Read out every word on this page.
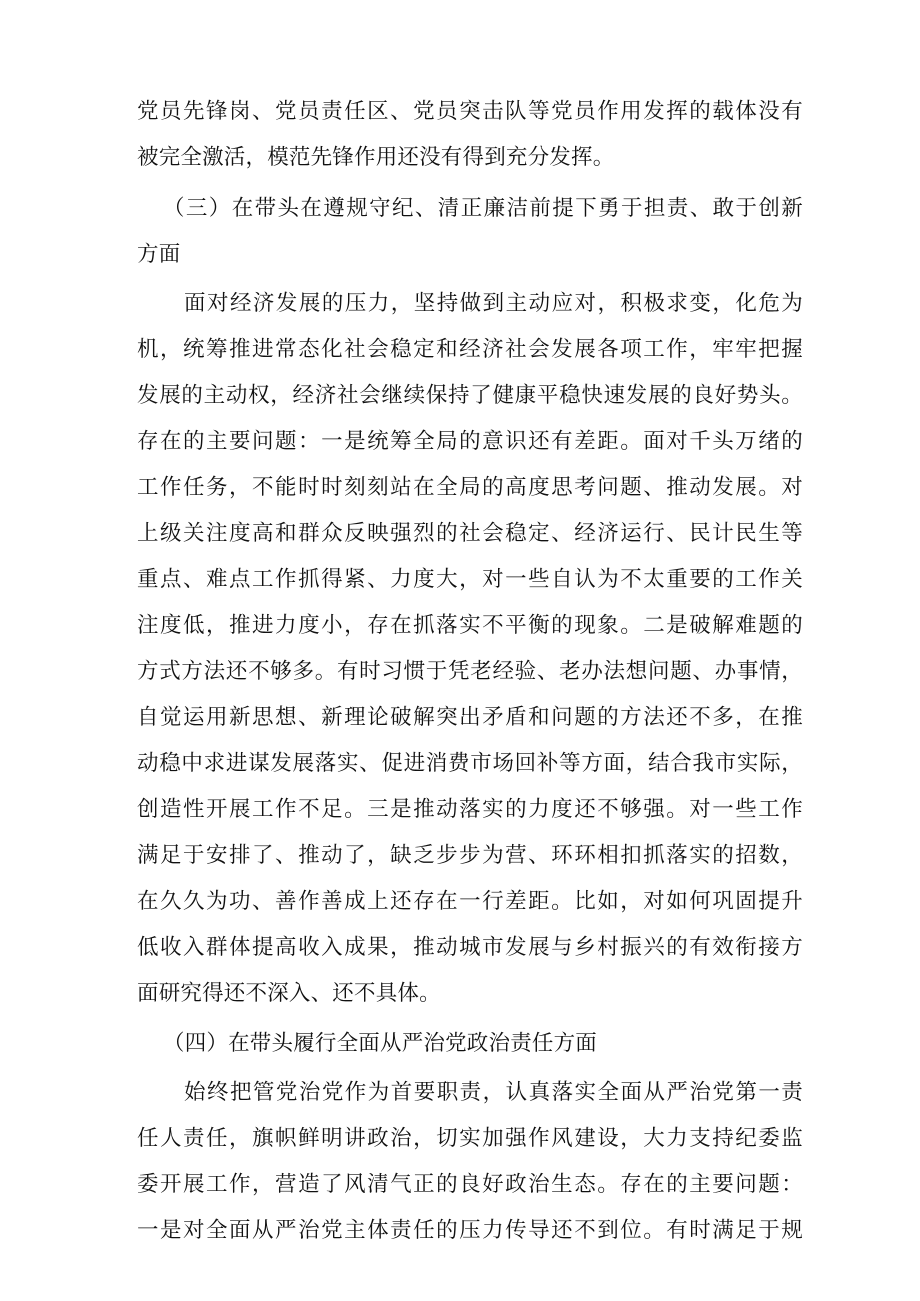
党员先锋岗、党员责任区、党员突击队等党员作用发挥的载体没有
被完全激活，模范先锋作用还没有得到充分发挥。
（三）在带头在遵规守纪、清正廉洁前提下勇于担责、敢于创新
方面
面对经济发展的压力，坚持做到主动应对，积极求变，化危为
机，统筹推进常态化社会稳定和经济社会发展各项工作，牢牢把握
发展的主动权，经济社会继续保持了健康平稳快速发展的良好势头。
存在的主要问题：一是统筹全局的意识还有差距。面对千头万绪的
工作任务，不能时时刻刻站在全局的高度思考问题、推动发展。对
上级关注度高和群众反映强烈的社会稳定、经济运行、民计民生等
重点、难点工作抓得紧、力度大，对一些自认为不太重要的工作关
注度低，推进力度小，存在抓落实不平衡的现象。二是破解难题的
方式方法还不够多。有时习惯于凭老经验、老办法想问题、办事情，
自觉运用新思想、新理论破解突出矛盾和问题的方法还不多，在推
动稳中求进谋发展落实、促进消费市场回补等方面，结合我市实际，
创造性开展工作不足。三是推动落实的力度还不够强。对一些工作
满足于安排了、推动了，缺乏步步为营、环环相扣抓落实的招数，
在久久为功、善作善成上还存在一行差距。比如，对如何巩固提升
低收入群体提高收入成果，推动城市发展与乡村振兴的有效衔接方
面研究得还不深入、还不具体。
（四）在带头履行全面从严治党政治责任方面
始终把管党治党作为首要职责，认真落实全面从严治党第一责
任人责任，旗帜鲜明讲政治，切实加强作风建设，大力支持纪委监
委开展工作，营造了风清气正的良好政治生态。存在的主要问题：
一是对全面从严治党主体责任的压力传导还不到位。有时满足于规
